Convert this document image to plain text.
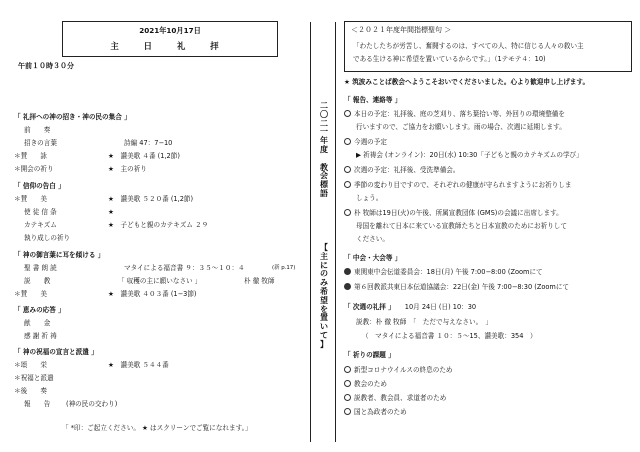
2021年10月17日
主 日 礼 拝
午前１０時３０分
「 礼拝への神の招き・神の民の集合 」
前　　奏
招きの言葉	詩編 47：7−10
＊賛　　詠	★　讃美歌 ４番 (1,2節)
＊開会の祈り	★　主の祈り
「 信仰の告白 」
＊賛　　美	★　讃美歌 ５２０番 (1,2節)
使 徒 信 条	★
カテキズム	★　子どもと親のカテキズム ２９
執り成しの祈り
「 神の御言葉に耳を傾ける 」
聖 書 朗 読	マタイによる福音書 ９：３５〜１０：４	(新 p.17)
説　　教	「 収穫の主に願いなさい 」	朴 徹 牧師
＊賛　　美	★　讃美歌 ４０３番 (1−3節)
「 恵みの応答 」
献　　金
感 謝 祈 祷
「 神の祝福の宣言と派遣 」
＊頌　　栄	★　讃美歌 ５４４番
＊祝福と派遣
＊後　　奏
報　　告 (神の民の交わり)
「 *印：ご起立ください。 ★ はスクリーンでご覧になれます。」
二
〇
二
一
年
度

教
会
標
語
【
主
に
の
み
希
望
を
置
い
て
】
＜２０２１年度年間指標聖句 ＞
「わたしたちが労苦し、奮闘するのは、すべての人、特に信じる人々の救い主
である生ける神に希望を置いているからです。」（1テモテ４：10)
★ 筑波みことば教会へようこそおいでくださいました。心より歓迎申し上げます。
「 報告、連絡等 」
本日の予定：礼拝後、庭の芝刈り、落ち葉拾い等、外回りの環境整備を
行いますので、ご協力をお願いします。雨の場合、次週に延期します。
今週の予定
▶ 祈祷会 (オンライン)：20日(水) 10:30「子どもと親のカテキズムの学び」
次週の予定：礼拝後、受洗準備会。
季節の変わり目ですので、それぞれの健康が守られますようにお祈りしま
しょう。
朴 牧師は19日(火)の午後、所属宣教団体 (GMS)の会議に出席します。
母国を離れて日本に来ている宣教師たちと日本宣教のためにお祈りして
ください。
「 中会・大会等 」
東関東中会伝道委員会：18日(月) 午後 7:00−8:00 (Zoomにて
第６回教派共東日本伝道協議会：22日(金) 午後 7:00−8:30 (Zoomにて
「 次週の礼拝 」 10月 24日 (日) 10：30
説教：朴 徹 牧師　「　ただで与えなさい。　」
（　マタイによる福音書 １０：５〜15、讃美歌：354　）
「 祈りの課題 」
新型コロナウイルスの終息のため
教会のため
説教者、教会員、求道者のため
国と為政者のため
